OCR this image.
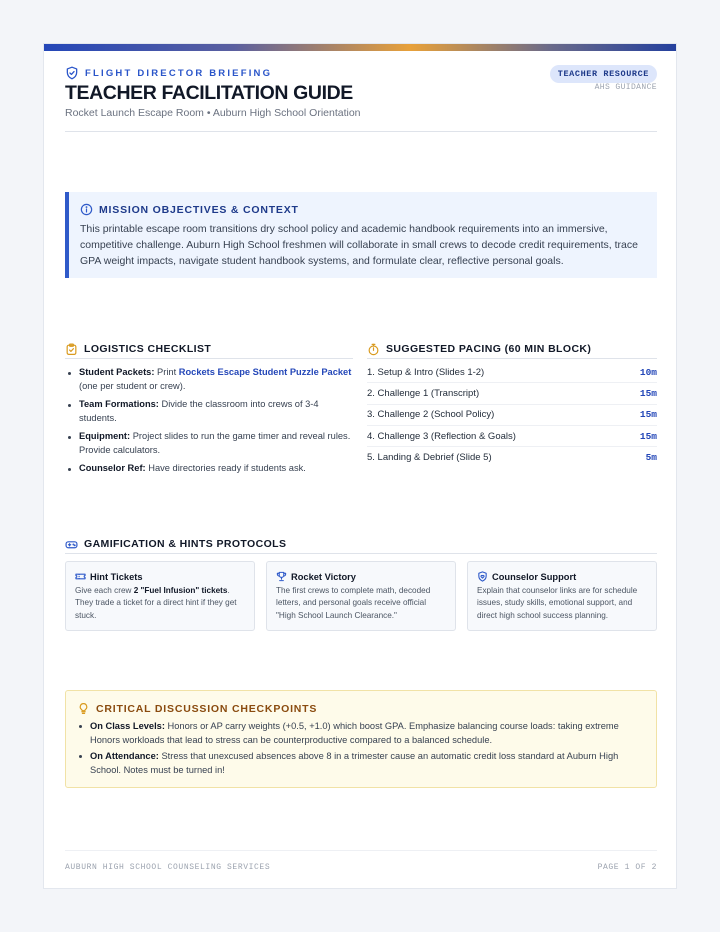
FLIGHT DIRECTOR BRIEFING
TEACHER FACILITATION GUIDE
Rocket Launch Escape Room • Auburn High School Orientation
TEACHER RESOURCE
AHS GUIDANCE
MISSION OBJECTIVES & CONTEXT
This printable escape room transitions dry school policy and academic handbook requirements into an immersive, competitive challenge. Auburn High School freshmen will collaborate in small crews to decode credit requirements, trace GPA weight impacts, navigate student handbook systems, and formulate clear, reflective personal goals.
LOGISTICS CHECKLIST
Student Packets: Print Rockets Escape Student Puzzle Packet (one per student or crew).
Team Formations: Divide the classroom into crews of 3-4 students.
Equipment: Project slides to run the game timer and reveal rules. Provide calculators.
Counselor Ref: Have directories ready if students ask.
SUGGESTED PACING (60 MIN BLOCK)
1. Setup & Intro (Slides 1-2)	10m
2. Challenge 1 (Transcript)	15m
3. Challenge 2 (School Policy)	15m
4. Challenge 3 (Reflection & Goals)	15m
5. Landing & Debrief (Slide 5)	5m
GAMIFICATION & HINTS PROTOCOLS
Hint Tickets
Give each crew 2 "Fuel Infusion" tickets. They trade a ticket for a direct hint if they get stuck.
Rocket Victory
The first crews to complete math, decoded letters, and personal goals receive official "High School Launch Clearance."
Counselor Support
Explain that counselor links are for schedule issues, study skills, emotional support, and direct high school success planning.
CRITICAL DISCUSSION CHECKPOINTS
On Class Levels: Honors or AP carry weights (+0.5, +1.0) which boost GPA. Emphasize balancing course loads: taking extreme Honors workloads that lead to stress can be counterproductive compared to a balanced schedule.
On Attendance: Stress that unexcused absences above 8 in a trimester cause an automatic credit loss standard at Auburn High School. Notes must be turned in!
AUBURN HIGH SCHOOL COUNSELING SERVICES	PAGE 1 OF 2
